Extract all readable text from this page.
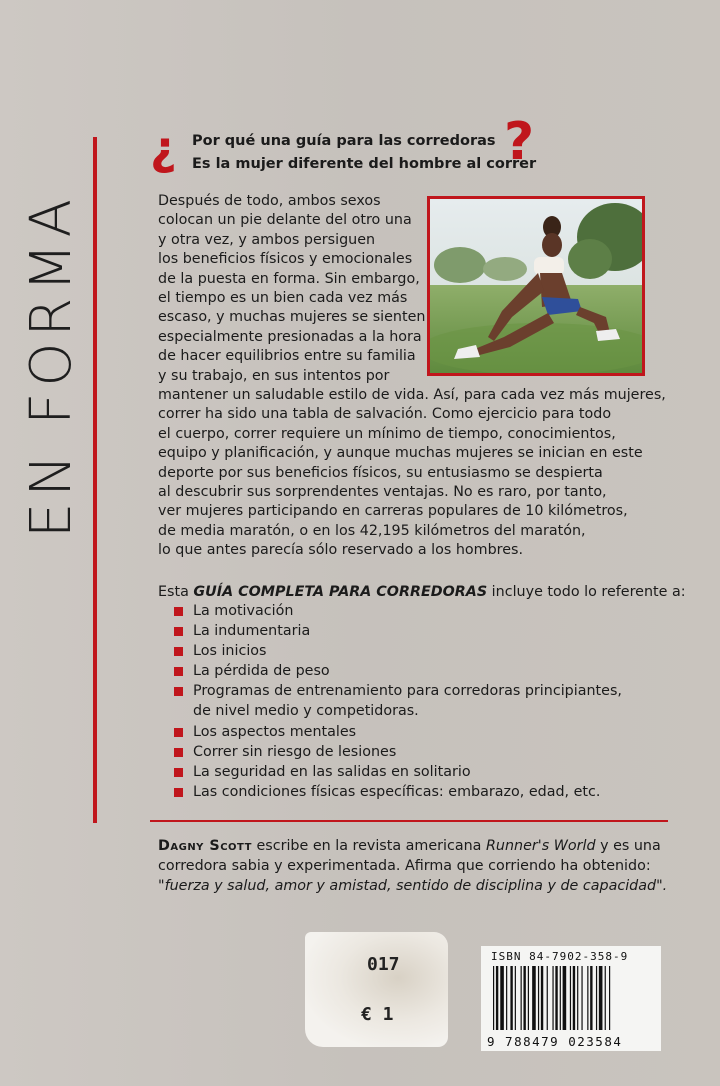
EN FORMA
¿ Por qué una guía para las corredoras
Es la mujer diferente del hombre al correr
?
Después de todo, ambos sexos
colocan un pie delante del otro una
y otra vez, y ambos persiguen
los beneficios físicos y emocionales
de la puesta en forma. Sin embargo,
el tiempo es un bien cada vez más
escaso, y muchas mujeres se sienten
especialmente presionadas a la hora
de hacer equilibrios entre su familia
y su trabajo, en sus intentos por
mantener un saludable estilo de vida. Así, para cada vez más mujeres,
correr ha sido una tabla de salvación. Como ejercicio para todo
el cuerpo, correr requiere un mínimo de tiempo, conocimientos,
equipo y planificación, y aunque muchas mujeres se inician en este
deporte por sus beneficios físicos, su entusiasmo se despierta
al descubrir sus sorprendentes ventajas. No es raro, por tanto,
ver mujeres participando en carreras populares de 10 kilómetros,
de media maratón, o en los 42,195 kilómetros del maratón,
lo que antes parecía sólo reservado a los hombres.
Esta GUÍA COMPLETA PARA CORREDORAS incluye todo lo referente a:
La motivación
La indumentaria
Los inicios
La pérdida de peso
Programas de entrenamiento para corredoras principiantes,
de nivel medio y competidoras.
Los aspectos mentales
Correr sin riesgo de lesiones
La seguridad en las salidas en solitario
Las condiciones físicas específicas: embarazo, edad, etc.
Dagny Scott escribe en la revista americana Runner's World y es una
corredora sabia y experimentada. Afirma que corriendo ha obtenido:
"fuerza y salud, amor y amistad, sentido de disciplina y de capacidad".
017
€ 1
ISBN 84-7902-358-9
9 788479 023584
